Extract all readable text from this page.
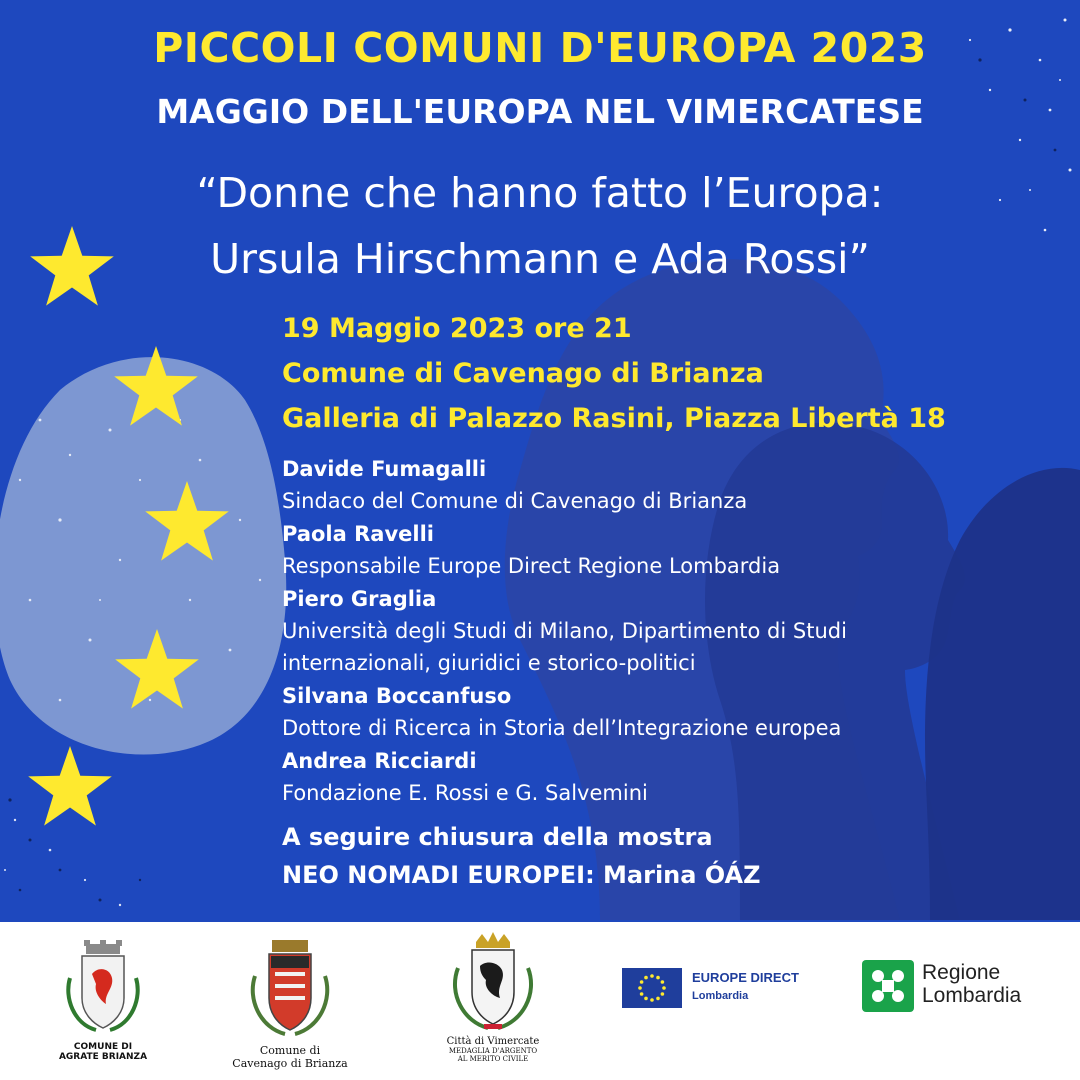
PICCOLI COMUNI D'EUROPA 2023
MAGGIO DELL'EUROPA NEL VIMERCATESE
“Donne che hanno fatto l’Europa:
Ursula Hirschmann e Ada Rossi”
19 Maggio 2023 ore 21
Comune di Cavenago di Brianza
Galleria di Palazzo Rasini, Piazza Libertà 18
Davide Fumagalli
Sindaco del Comune di Cavenago di Brianza
Paola Ravelli
Responsabile Europe Direct Regione Lombardia
Piero Graglia
Università degli Studi di Milano, Dipartimento di Studi
internazionali, giuridici e storico-politici
Silvana Boccanfuso
Dottore di Ricerca in Storia dell’Integrazione europea
Andrea Ricciardi
Fondazione E. Rossi e G. Salvemini
A seguire chiusura della mostra
NEO NOMADI EUROPEI: Marina ÓÁZ
COMUNE DI
AGRATE BRIANZA	Comune di
Cavenago di Brianza
Città di Vimercate
MEDAGLIA D'ARGENTO
AL MERITO CIVILE
EUROPE DIRECT
Lombardia
Regione
Lombardia
